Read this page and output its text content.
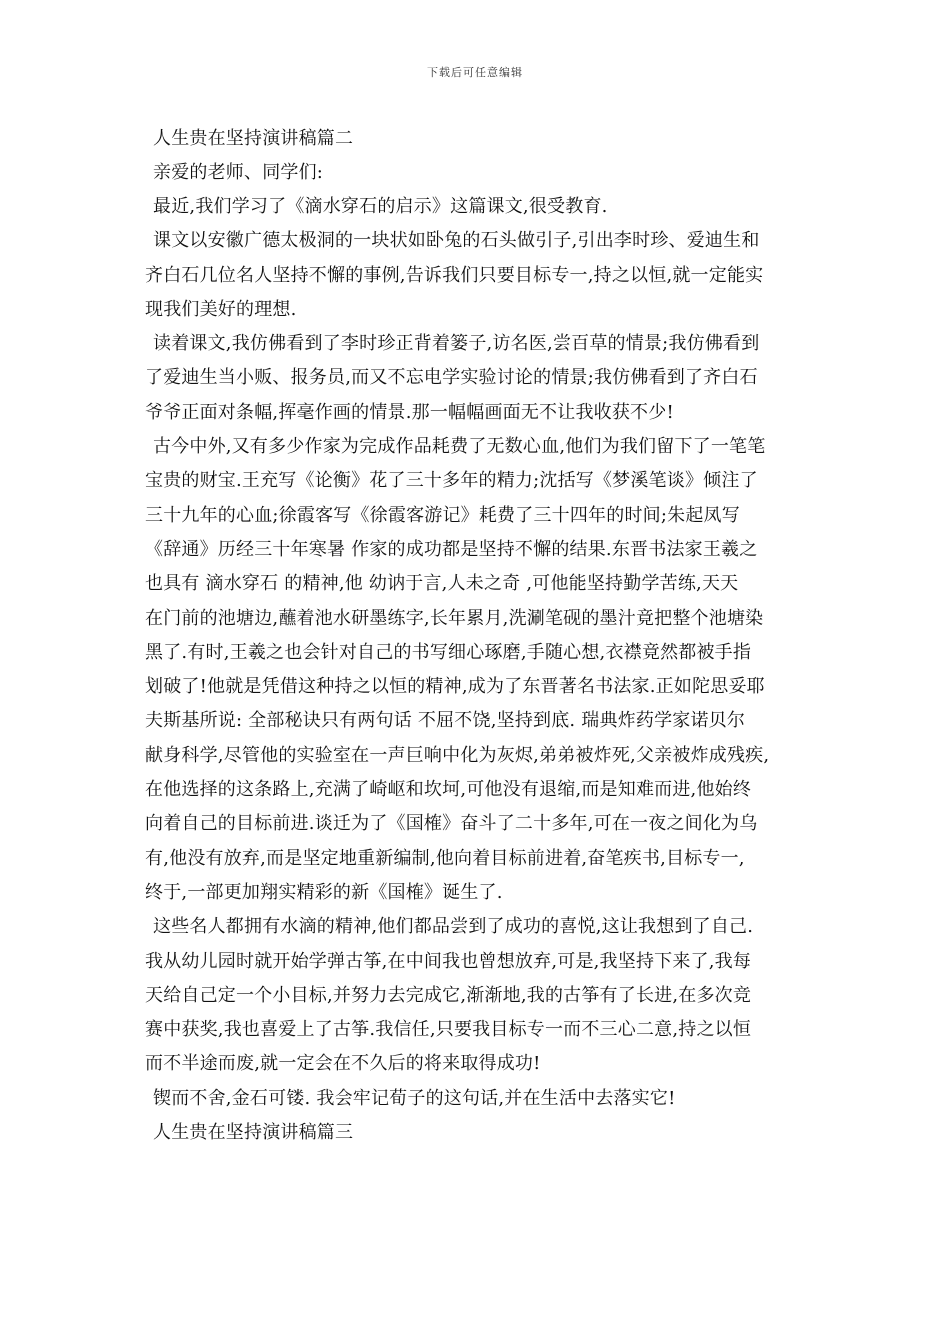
下载后可任意编辑
人生贵在坚持演讲稿篇二
亲爱的老师、同学们:
最近,我们学习了《滴水穿石的启示》这篇课文,很受教育.
课文以安徽广德太极洞的一块状如卧兔的石头做引子,引出李时珍、爱迪生和
齐白石几位名人坚持不懈的事例,告诉我们只要目标专一,持之以恒,就一定能实
现我们美好的理想.
读着课文,我仿佛看到了李时珍正背着篓子,访名医,尝百草的情景;我仿佛看到
了爱迪生当小贩、报务员,而又不忘电学实验讨论的情景;我仿佛看到了齐白石
爷爷正面对条幅,挥毫作画的情景.那一幅幅画面无不让我收获不少!
古今中外,又有多少作家为完成作品耗费了无数心血,他们为我们留下了一笔笔
宝贵的财宝.王充写《论衡》花了三十多年的精力;沈括写《梦溪笔谈》倾注了
三十九年的心血;徐霞客写《徐霞客游记》耗费了三十四年的时间;朱起凤写
《辞通》历经三十年寒暑 作家的成功都是坚持不懈的结果.东晋书法家王羲之
也具有 滴水穿石 的精神,他 幼讷于言,人未之奇 ,可他能坚持勤学苦练,天天
在门前的池塘边,蘸着池水研墨练字,长年累月,洗涮笔砚的墨汁竟把整个池塘染
黑了.有时,王羲之也会针对自己的书写细心琢磨,手随心想,衣襟竟然都被手指
划破了!他就是凭借这种持之以恒的精神,成为了东晋著名书法家.正如陀思妥耶
夫斯基所说: 全部秘诀只有两句话 不屈不饶,坚持到底. 瑞典炸药学家诺贝尔
献身科学,尽管他的实验室在一声巨响中化为灰烬,弟弟被炸死,父亲被炸成残疾,
在他选择的这条路上,充满了崎岖和坎坷,可他没有退缩,而是知难而进,他始终
向着自己的目标前进.谈迁为了《国榷》奋斗了二十多年,可在一夜之间化为乌
有,他没有放弃,而是坚定地重新编制,他向着目标前进着,奋笔疾书,目标专一,
终于,一部更加翔实精彩的新《国榷》诞生了.
这些名人都拥有水滴的精神,他们都品尝到了成功的喜悦,这让我想到了自己.
我从幼儿园时就开始学弹古筝,在中间我也曾想放弃,可是,我坚持下来了,我每
天给自己定一个小目标,并努力去完成它,渐渐地,我的古筝有了长进,在多次竞
赛中获奖,我也喜爱上了古筝.我信任,只要我目标专一而不三心二意,持之以恒
而不半途而废,就一定会在不久后的将来取得成功!
锲而不舍,金石可镂. 我会牢记荀子的这句话,并在生活中去落实它!
人生贵在坚持演讲稿篇三
